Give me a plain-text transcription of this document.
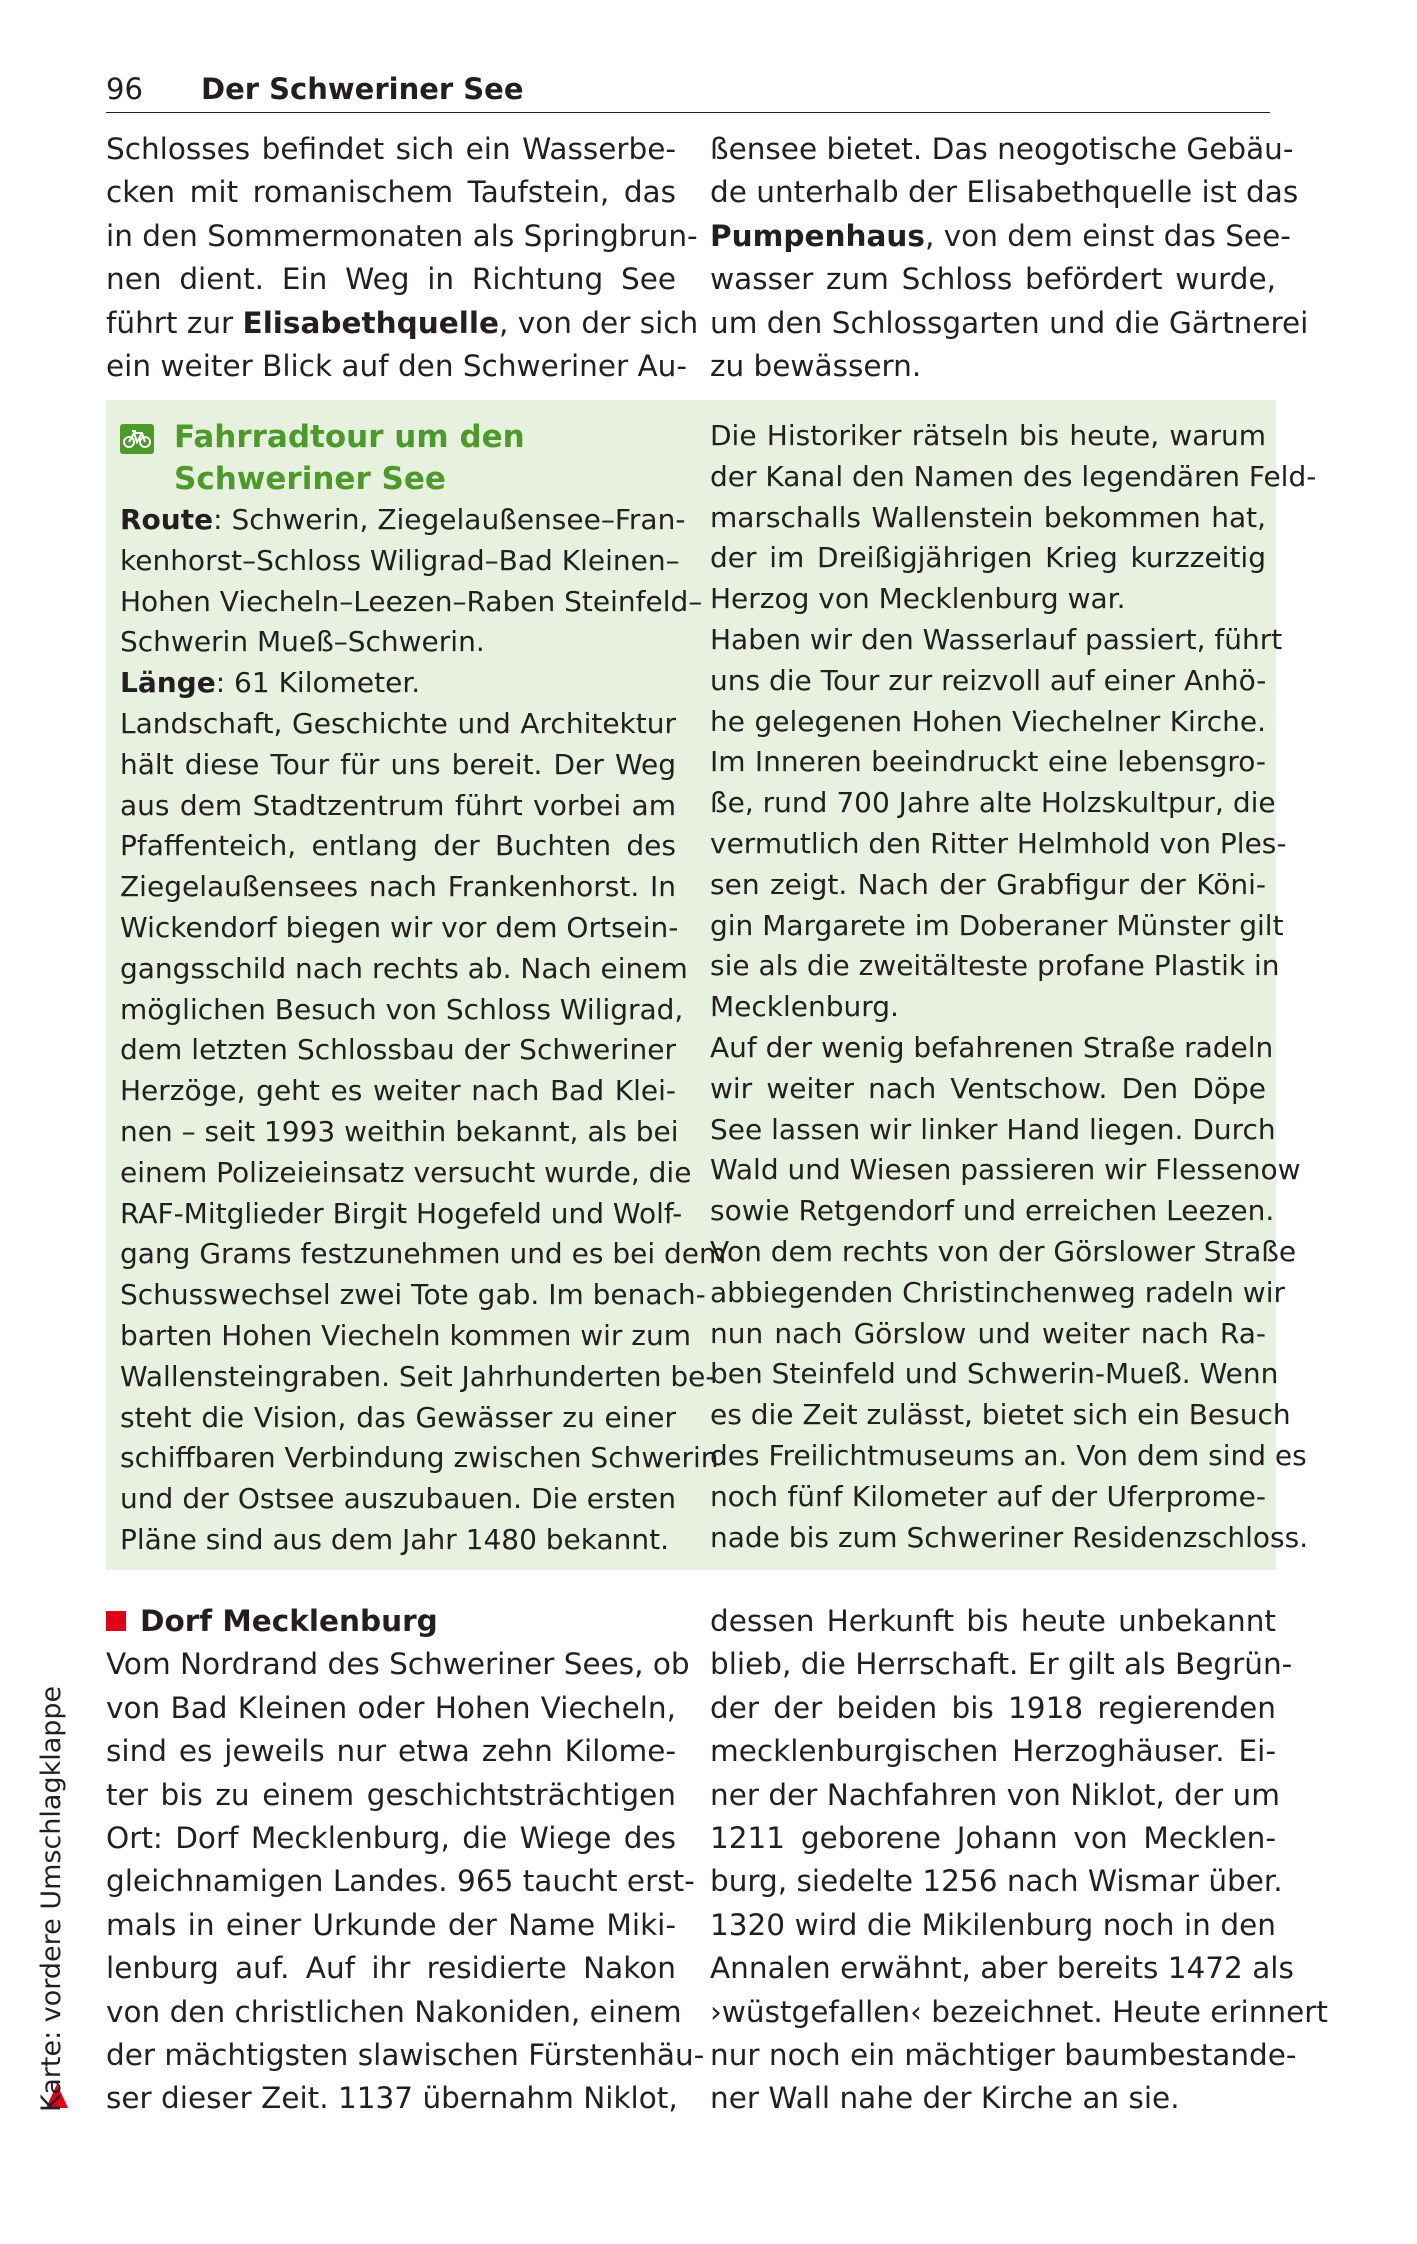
96 Der Schweriner See
Schlosses befindet sich ein Wasserbe-
cken mit romanischem Taufstein, das
in den Sommermonaten als Springbrun-
nen dient. Ein Weg in Richtung See
führt zur Elisabethquelle, von der sich
ein weiter Blick auf den Schweriner Au-
ßensee bietet. Das neogotische Gebäu-
de unterhalb der Elisabethquelle ist das
Pumpenhaus, von dem einst das See-
wasser zum Schloss befördert wurde,
um den Schlossgarten und die Gärtnerei
zu bewässern.
Fahrradtour um den
Schweriner See
Route: Schwerin, Ziegelaußensee–Fran-
kenhorst–Schloss Wiligrad–Bad Kleinen–
Hohen Viecheln–Leezen–Raben Steinfeld–
Schwerin Mueß–Schwerin.
Länge: 61 Kilometer.
Landschaft, Geschichte und Architektur
hält diese Tour für uns bereit. Der Weg
aus dem Stadtzentrum führt vorbei am
Pfaffenteich, entlang der Buchten des
Ziegelaußensees nach Frankenhorst. In
Wickendorf biegen wir vor dem Ortsein-
gangsschild nach rechts ab. Nach einem
möglichen Besuch von Schloss Wiligrad,
dem letzten Schlossbau der Schweriner
Herzöge, geht es weiter nach Bad Klei-
nen – seit 1993 weithin bekannt, als bei
einem Polizeieinsatz versucht wurde, die
RAF-Mitglieder Birgit Hogefeld und Wolf-
gang Grams festzunehmen und es bei dem
Schusswechsel zwei Tote gab. Im benach-
barten Hohen Viecheln kommen wir zum
Wallensteingraben. Seit Jahrhunderten be-
steht die Vision, das Gewässer zu einer
schiffbaren Verbindung zwischen Schwerin
und der Ostsee auszubauen. Die ersten
Pläne sind aus dem Jahr 1480 bekannt.
Die Historiker rätseln bis heute, warum
der Kanal den Namen des legendären Feld-
marschalls Wallenstein bekommen hat,
der im Dreißigjährigen Krieg kurzzeitig
Herzog von Mecklenburg war.
Haben wir den Wasserlauf passiert, führt
uns die Tour zur reizvoll auf einer Anhö-
he gelegenen Hohen Viechelner Kirche.
Im Inneren beeindruckt eine lebensgro-
ße, rund 700 Jahre alte Holzskultpur, die
vermutlich den Ritter Helmhold von Ples-
sen zeigt. Nach der Grabfigur der Köni-
gin Margarete im Doberaner Münster gilt
sie als die zweitälteste profane Plastik in
Mecklenburg.
Auf der wenig befahrenen Straße radeln
wir weiter nach Ventschow. Den Döpe
See lassen wir linker Hand liegen. Durch
Wald und Wiesen passieren wir Flessenow
sowie Retgendorf und erreichen Leezen.
Von dem rechts von der Görslower Straße
abbiegenden Christinchenweg radeln wir
nun nach Görslow und weiter nach Ra-
ben Steinfeld und Schwerin-Mueß. Wenn
es die Zeit zulässt, bietet sich ein Besuch
des Freilichtmuseums an. Von dem sind es
noch fünf Kilometer auf der Uferprome-
nade bis zum Schweriner Residenzschloss.
Dorf Mecklenburg
Vom Nordrand des Schweriner Sees, ob
von Bad Kleinen oder Hohen Viecheln,
sind es jeweils nur etwa zehn Kilome-
ter bis zu einem geschichtsträchtigen
Ort: Dorf Mecklenburg, die Wiege des
gleichnamigen Landes. 965 taucht erst-
mals in einer Urkunde der Name Miki-
lenburg auf. Auf ihr residierte Nakon
von den christlichen Nakoniden, einem
der mächtigsten slawischen Fürstenhäu-
ser dieser Zeit. 1137 übernahm Niklot,
dessen Herkunft bis heute unbekannt
blieb, die Herrschaft. Er gilt als Begrün-
der der beiden bis 1918 regierenden
mecklenburgischen Herzoghäuser. Ei-
ner der Nachfahren von Niklot, der um
1211 geborene Johann von Mecklen-
burg, siedelte 1256 nach Wismar über.
1320 wird die Mikilenburg noch in den
Annalen erwähnt, aber bereits 1472 als
›wüstgefallen‹ bezeichnet. Heute erinnert
nur noch ein mächtiger baumbestande-
ner Wall nahe der Kirche an sie.
Karte: vordere Umschlagklappe
